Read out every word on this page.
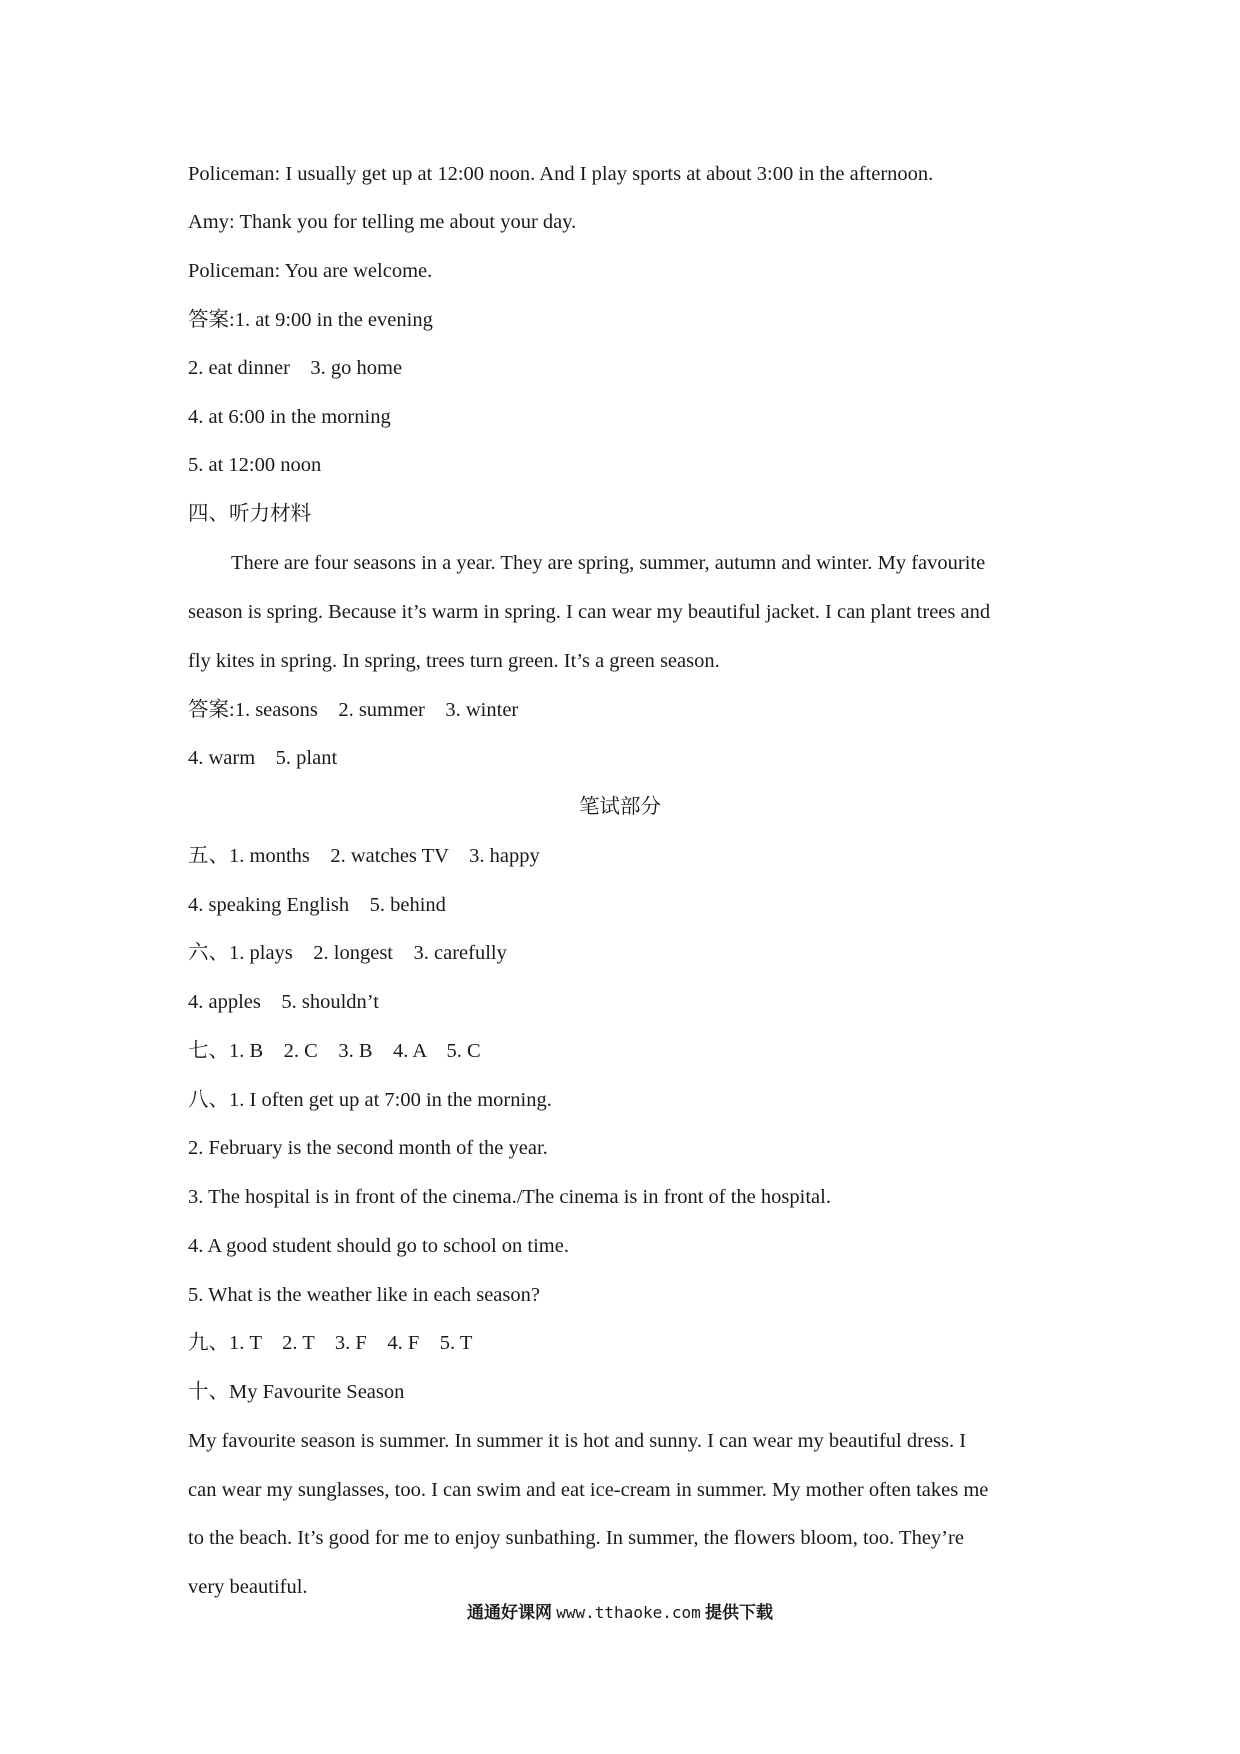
Policeman: I usually get up at 12:00 noon. And I play sports at about 3:00 in the afternoon.
Amy: Thank you for telling me about your day.
Policeman: You are welcome.
答案:1. at 9:00 in the evening
2. eat dinner    3. go home
4. at 6:00 in the morning
5. at 12:00 noon
四、听力材料
There are four seasons in a year. They are spring, summer, autumn and winter. My favourite
season is spring. Because it’s warm in spring. I can wear my beautiful jacket. I can plant trees and
fly kites in spring. In spring, trees turn green. It’s a green season.
答案:1. seasons    2. summer    3. winter
4. warm    5. plant
笔试部分
五、1. months    2. watches TV    3. happy
4. speaking English    5. behind
六、1. plays    2. longest    3. carefully
4. apples    5. shouldn’t
七、1. B    2. C    3. B    4. A    5. C
八、1. I often get up at 7:00 in the morning.
2. February is the second month of the year.
3. The hospital is in front of the cinema./The cinema is in front of the hospital.
4. A good student should go to school on time.
5. What is the weather like in each season?
九、1. T    2. T    3. F    4. F    5. T
十、My Favourite Season
My favourite season is summer. In summer it is hot and sunny. I can wear my beautiful dress. I
can wear my sunglasses, too. I can swim and eat ice-cream in summer. My mother often takes me
to the beach. It’s good for me to enjoy sunbathing. In summer, the flowers bloom, too. They’re
very beautiful.
通通好课网 www.tthaoke.com 提供下载
